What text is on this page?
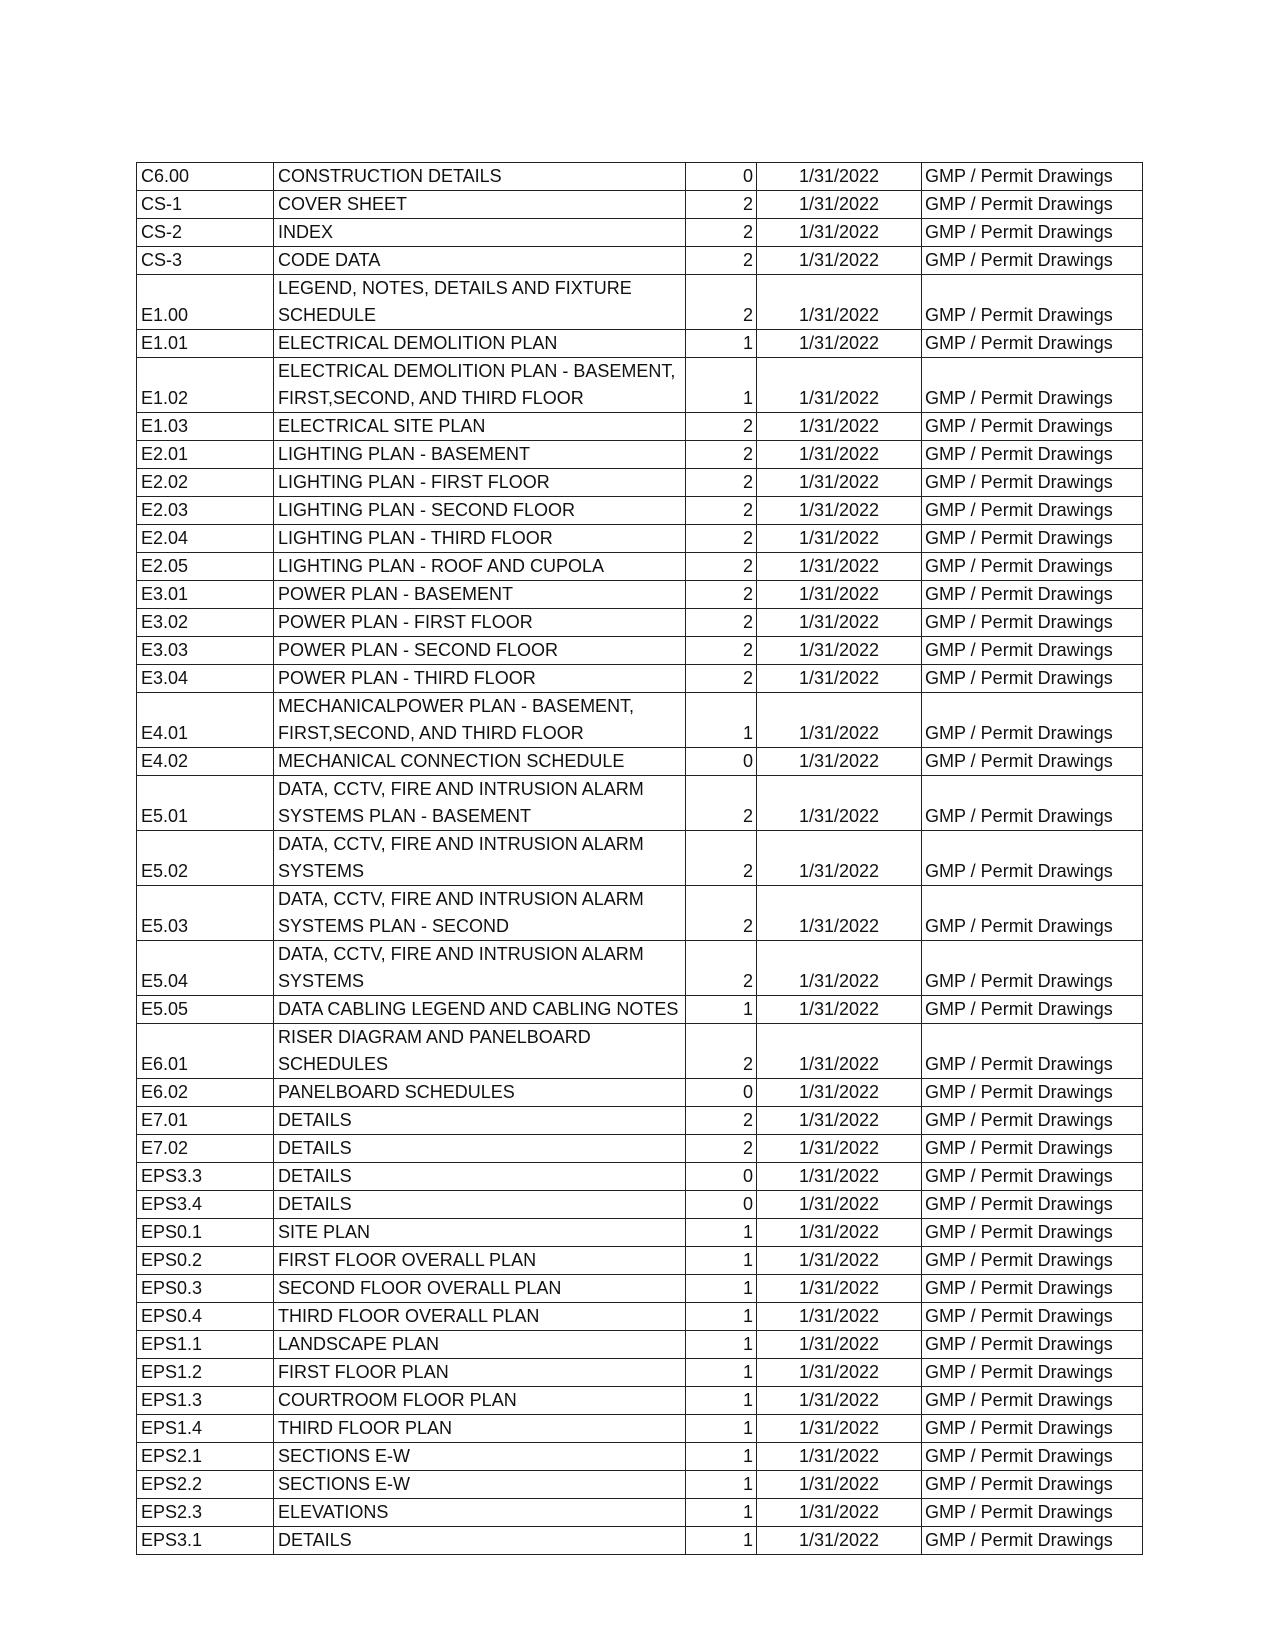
C6.00	CONSTRUCTION DETAILS	0	1/31/2022	GMP / Permit Drawings
CS-1	COVER SHEET	2	1/31/2022	GMP / Permit Drawings
CS-2	INDEX	2	1/31/2022	GMP / Permit Drawings
CS-3	CODE DATA	2	1/31/2022	GMP / Permit Drawings
E1.00	LEGEND, NOTES, DETAILS AND FIXTURE SCHEDULE	2	1/31/2022	GMP / Permit Drawings
E1.01	ELECTRICAL DEMOLITION PLAN	1	1/31/2022	GMP / Permit Drawings
E1.02	ELECTRICAL DEMOLITION PLAN - BASEMENT, FIRST,SECOND, AND THIRD FLOOR	1	1/31/2022	GMP / Permit Drawings
E1.03	ELECTRICAL SITE PLAN	2	1/31/2022	GMP / Permit Drawings
E2.01	LIGHTING PLAN - BASEMENT	2	1/31/2022	GMP / Permit Drawings
E2.02	LIGHTING PLAN - FIRST FLOOR	2	1/31/2022	GMP / Permit Drawings
E2.03	LIGHTING PLAN - SECOND FLOOR	2	1/31/2022	GMP / Permit Drawings
E2.04	LIGHTING PLAN - THIRD FLOOR	2	1/31/2022	GMP / Permit Drawings
E2.05	LIGHTING PLAN - ROOF AND CUPOLA	2	1/31/2022	GMP / Permit Drawings
E3.01	POWER PLAN - BASEMENT	2	1/31/2022	GMP / Permit Drawings
E3.02	POWER PLAN - FIRST FLOOR	2	1/31/2022	GMP / Permit Drawings
E3.03	POWER PLAN - SECOND FLOOR	2	1/31/2022	GMP / Permit Drawings
E3.04	POWER PLAN - THIRD FLOOR	2	1/31/2022	GMP / Permit Drawings
E4.01	MECHANICALPOWER PLAN - BASEMENT, FIRST,SECOND, AND THIRD FLOOR	1	1/31/2022	GMP / Permit Drawings
E4.02	MECHANICAL CONNECTION SCHEDULE	0	1/31/2022	GMP / Permit Drawings
E5.01	DATA, CCTV, FIRE AND INTRUSION ALARM SYSTEMS PLAN - BASEMENT	2	1/31/2022	GMP / Permit Drawings
E5.02	DATA, CCTV, FIRE AND INTRUSION ALARM SYSTEMS	2	1/31/2022	GMP / Permit Drawings
E5.03	DATA, CCTV, FIRE AND INTRUSION ALARM SYSTEMS PLAN - SECOND	2	1/31/2022	GMP / Permit Drawings
E5.04	DATA, CCTV, FIRE AND INTRUSION ALARM SYSTEMS	2	1/31/2022	GMP / Permit Drawings
E5.05	DATA CABLING LEGEND AND CABLING NOTES	1	1/31/2022	GMP / Permit Drawings
E6.01	RISER DIAGRAM AND PANELBOARD SCHEDULES	2	1/31/2022	GMP / Permit Drawings
E6.02	PANELBOARD SCHEDULES	0	1/31/2022	GMP / Permit Drawings
E7.01	DETAILS	2	1/31/2022	GMP / Permit Drawings
E7.02	DETAILS	2	1/31/2022	GMP / Permit Drawings
EPS3.3	DETAILS	0	1/31/2022	GMP / Permit Drawings
EPS3.4	DETAILS	0	1/31/2022	GMP / Permit Drawings
EPS0.1	SITE PLAN	1	1/31/2022	GMP / Permit Drawings
EPS0.2	FIRST FLOOR OVERALL PLAN	1	1/31/2022	GMP / Permit Drawings
EPS0.3	SECOND FLOOR OVERALL PLAN	1	1/31/2022	GMP / Permit Drawings
EPS0.4	THIRD FLOOR OVERALL PLAN	1	1/31/2022	GMP / Permit Drawings
EPS1.1	LANDSCAPE PLAN	1	1/31/2022	GMP / Permit Drawings
EPS1.2	FIRST FLOOR PLAN	1	1/31/2022	GMP / Permit Drawings
EPS1.3	COURTROOM FLOOR PLAN	1	1/31/2022	GMP / Permit Drawings
EPS1.4	THIRD FLOOR PLAN	1	1/31/2022	GMP / Permit Drawings
EPS2.1	SECTIONS E-W	1	1/31/2022	GMP / Permit Drawings
EPS2.2	SECTIONS E-W	1	1/31/2022	GMP / Permit Drawings
EPS2.3	ELEVATIONS	1	1/31/2022	GMP / Permit Drawings
EPS3.1	DETAILS	1	1/31/2022	GMP / Permit Drawings
